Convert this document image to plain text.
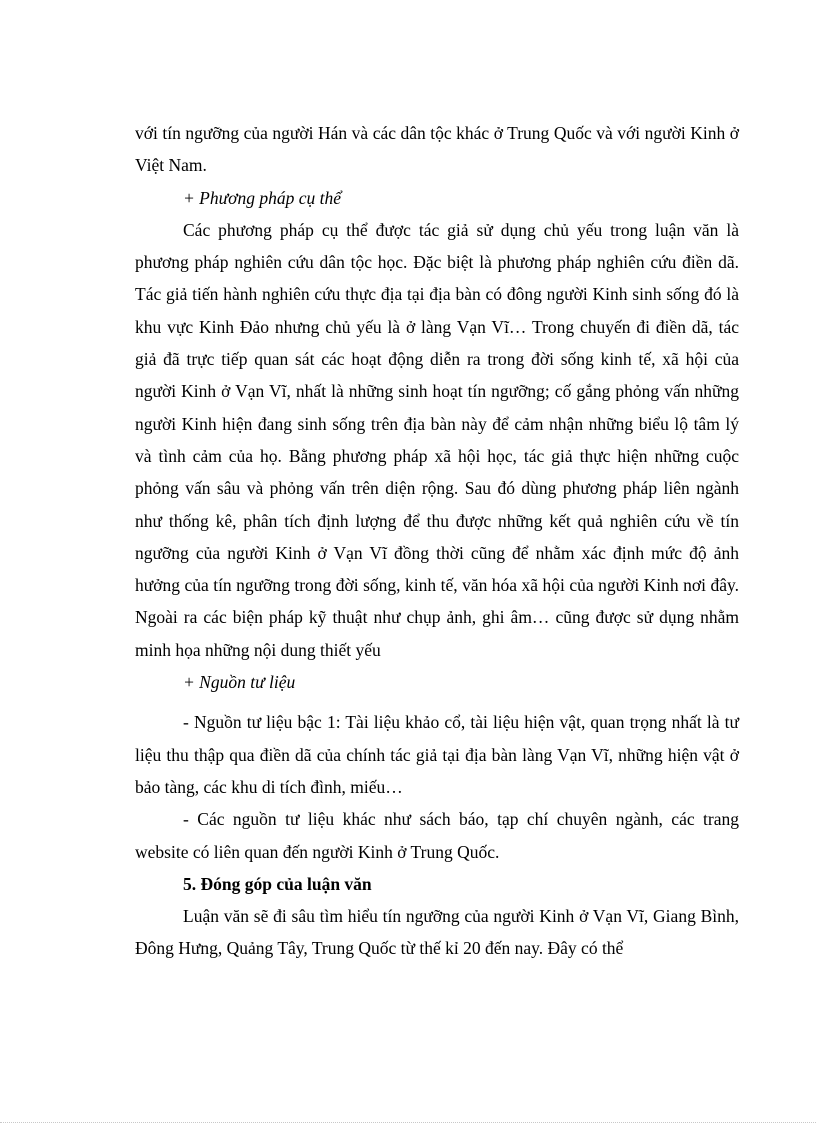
với tín ngưỡng của người Hán và các dân tộc khác ở Trung Quốc và với người Kinh ở Việt Nam.

+ Phương pháp cụ thể

Các phương pháp cụ thể được tác giả sử dụng chủ yếu trong luận văn là phương pháp nghiên cứu dân tộc học. Đặc biệt là phương pháp nghiên cứu điền dã. Tác giả tiến hành nghiên cứu thực địa tại địa bàn có đông người Kinh sinh sống đó là khu vực Kinh Đảo nhưng chủ yếu là ở làng Vạn Vĩ… Trong chuyến đi điền dã, tác giả đã trực tiếp quan sát các hoạt động diễn ra trong đời sống kinh tế, xã hội của người Kinh ở Vạn Vĩ, nhất là những sinh hoạt tín ngưỡng; cố gắng phỏng vấn những người Kinh hiện đang sinh sống trên địa bàn này để cảm nhận những biểu lộ tâm lý và tình cảm của họ. Bằng phương pháp xã hội học, tác giả thực hiện những cuộc phỏng vấn sâu và phỏng vấn trên diện rộng. Sau đó dùng phương pháp liên ngành như thống kê, phân tích định lượng để thu được những kết quả nghiên cứu về tín ngưỡng của người Kinh ở Vạn Vĩ đồng thời cũng để nhằm xác định mức độ ảnh hưởng của tín ngưỡng trong đời sống, kinh tế, văn hóa xã hội của người Kinh nơi đây. Ngoài ra các biện pháp kỹ thuật như chụp ảnh, ghi âm… cũng được sử dụng nhằm minh họa những nội dung thiết yếu

+ Nguồn tư liệu

- Nguồn tư liệu bậc 1: Tài liệu khảo cổ, tài liệu hiện vật, quan trọng nhất là tư liệu thu thập qua điền dã của chính tác giả tại địa bàn làng Vạn Vĩ, những hiện vật ở bảo tàng, các khu di tích đình, miếu…

- Các nguồn tư liệu khác như sách báo, tạp chí chuyên ngành, các trang website có liên quan đến người Kinh ở Trung Quốc.

5. Đóng góp của luận văn

Luận văn sẽ đi sâu tìm hiểu tín ngưỡng của người Kinh ở Vạn Vĩ, Giang Bình, Đông Hưng, Quảng Tây, Trung Quốc từ thế kỉ 20 đến nay. Đây có thể
